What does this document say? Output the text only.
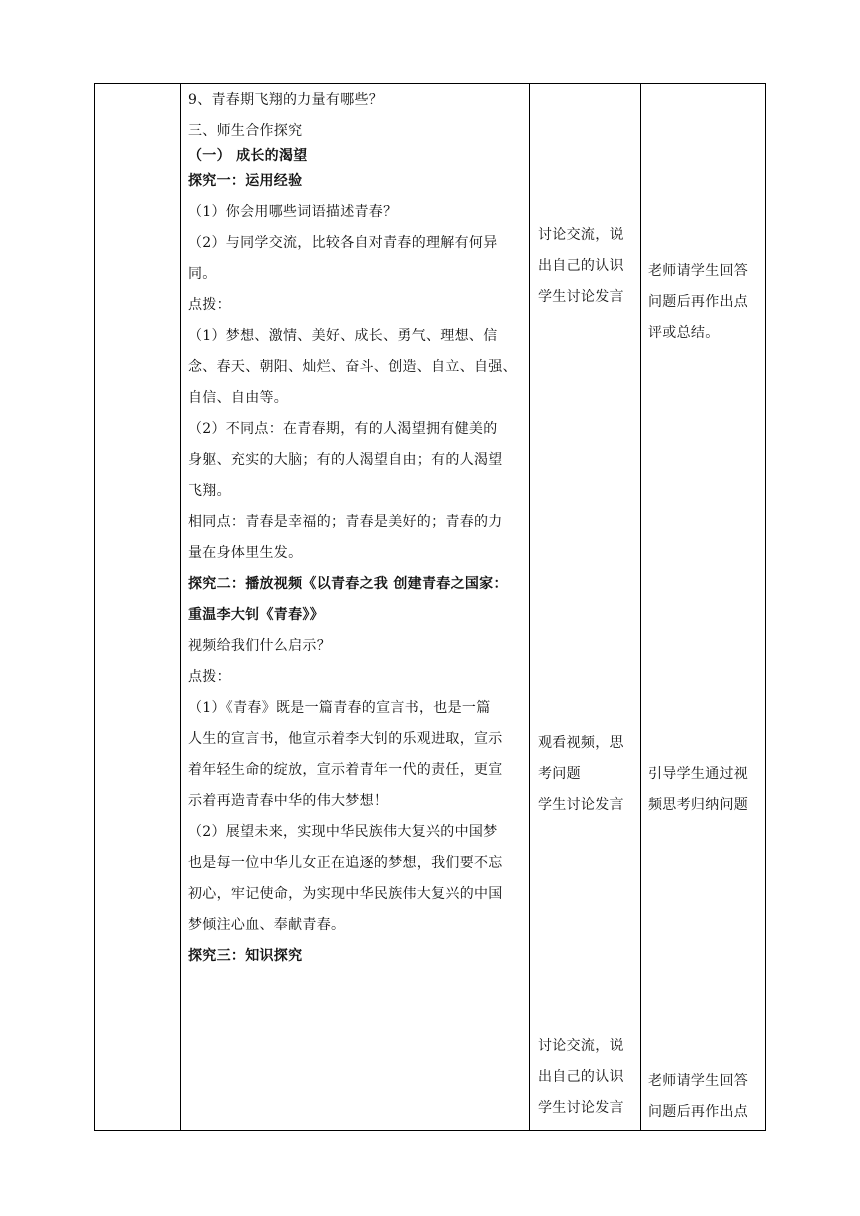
9、青春期飞翔的力量有哪些？
三、师生合作探究
（一） 成长的渴望
探究一：运用经验
（1）你会用哪些词语描述青春？
（2）与同学交流，比较各自对青春的理解有何异
同。
点拨：
（1）梦想、激情、美好、成长、勇气、理想、信
念、春天、朝阳、灿烂、奋斗、创造、自立、自强、
自信、自由等。
（2）不同点：在青春期，有的人渴望拥有健美的
身躯、充实的大脑；有的人渴望自由；有的人渴望
飞翔。
相同点：青春是幸福的；青春是美好的；青春的力
量在身体里生发。
探究二：播放视频《以青春之我 创建青春之国家：
重温李大钊《青春》》
视频给我们什么启示？
点拨：
（1）《青春》既是一篇青春的宣言书，也是一篇
人生的宣言书，他宣示着李大钊的乐观进取，宣示
着年轻生命的绽放，宣示着青年一代的责任，更宣
示着再造青春中华的伟大梦想！
（2）展望未来，实现中华民族伟大复兴的中国梦
也是每一位中华儿女正在追逐的梦想，我们要不忘
初心，牢记使命，为实现中华民族伟大复兴的中国
梦倾注心血、奉献青春。
探究三：知识探究
讨论交流，说
出自己的认识
学生讨论发言
观看视频，思
考问题
学生讨论发言
讨论交流，说
出自己的认识
学生讨论发言
老师请学生回答
问题后再作出点
评或总结。
引导学生通过视
频思考归纳问题
老师请学生回答
问题后再作出点
